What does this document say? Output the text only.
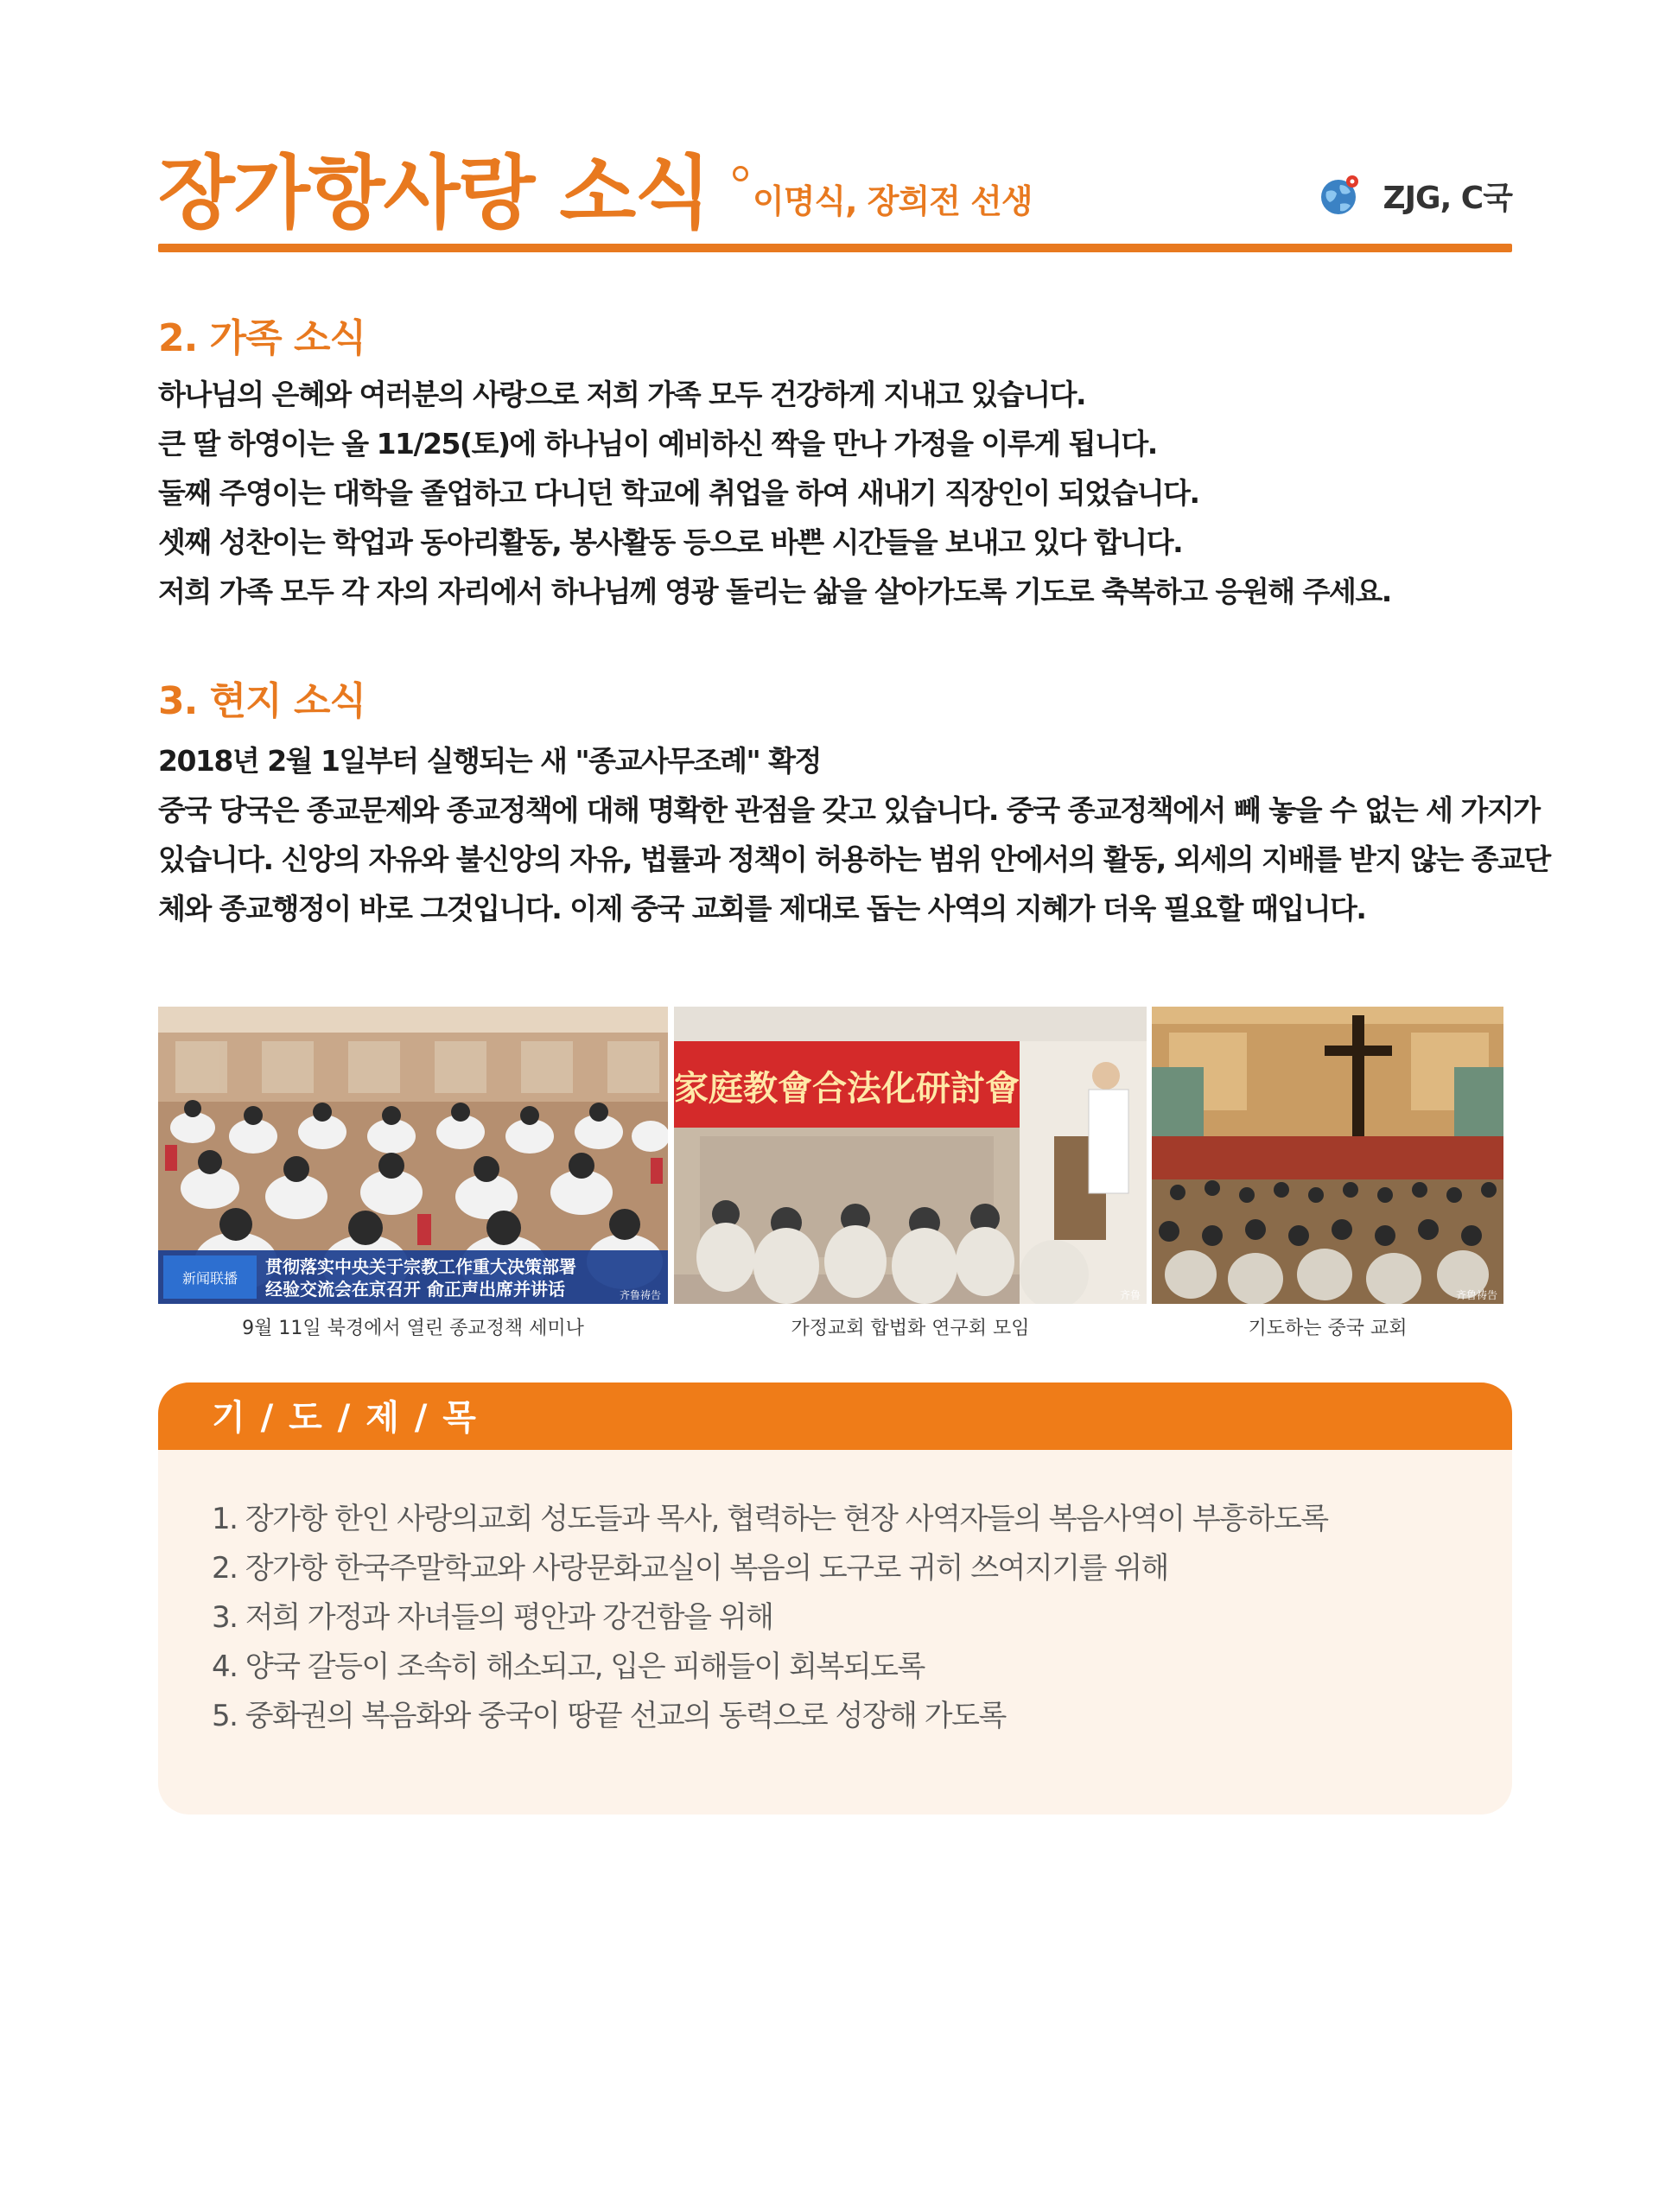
장가항사랑 소식 이명식, 장희전 선생	ZJG, C국
2. 가족 소식
하나님의 은혜와 여러분의 사랑으로 저희 가족 모두 건강하게 지내고 있습니다.
큰 딸 하영이는 올 11/25(토)에 하나님이 예비하신 짝을 만나 가정을 이루게 됩니다.
둘째 주영이는 대학을 졸업하고 다니던 학교에 취업을 하여 새내기 직장인이 되었습니다.
셋째 성찬이는 학업과 동아리활동, 봉사활동 등으로 바쁜 시간들을 보내고 있다 합니다.
저희 가족 모두 각 자의 자리에서 하나님께 영광 돌리는 삶을 살아가도록 기도로 축복하고 응원해 주세요.
3. 현지 소식
2018년 2월 1일부터 실행되는 새 "종교사무조례" 확정
중국 당국은 종교문제와 종교정책에 대해 명확한 관점을 갖고 있습니다. 중국 종교정책에서 빼 놓을 수 없는 세 가지가
있습니다. 신앙의 자유와 불신앙의 자유, 법률과 정책이 허용하는 범위 안에서의 활동, 외세의 지배를 받지 않는 종교단
체와 종교행정이 바로 그것입니다. 이제 중국 교회를 제대로 돕는 사역의 지혜가 더욱 필요할 때입니다.
新闻联播
贯彻落实中央关于宗教工作重大决策部署
经验交流会在京召开 俞正声出席并讲话	齐鲁祷告
家庭教會合法化研討會
齐鲁	齐鲁祷告
9월 11일 북경에서 열린 종교정책 세미나	가정교회 합법화 연구회 모임	기도하는 중국 교회
기 / 도 / 제 / 목
1. 장가항 한인 사랑의교회 성도들과 목사, 협력하는 현장 사역자들의 복음사역이 부흥하도록
2. 장가항 한국주말학교와 사랑문화교실이 복음의 도구로 귀히 쓰여지기를 위해
3. 저희 가정과 자녀들의 평안과 강건함을 위해
4. 양국 갈등이 조속히 해소되고, 입은 피해들이 회복되도록
5. 중화권의 복음화와 중국이 땅끝 선교의 동력으로 성장해 가도록
